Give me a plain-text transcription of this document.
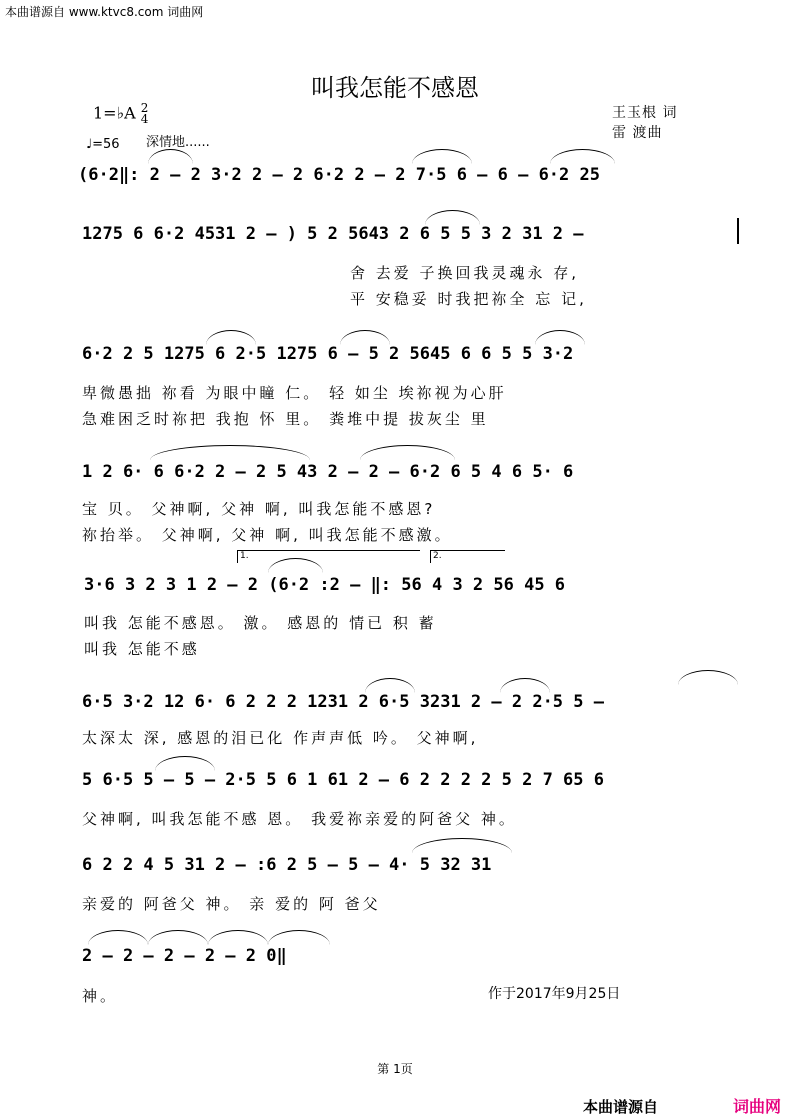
本曲谱源自 www.ktvc8.com 词曲网
叫我怎能不感恩
王玉根 词
雷 渡曲
1=♭A 2
4
♩=56 深情地......
(6·2‖: 2 – 2 3·2 2 – 2 6·2 2 – 2 7·5 6 – 6 – 6·2 25
1275 6 6·2 4531 2 – ) 5 2 5643 2 6 5 5 3 2 31 2 –
舍 去爱 子换回我灵魂永 存,
平 安稳妥 时我把祢全 忘 记,
6·2 2 5 1275 6 2·5 1275 6 – 5 2 5645 6 6 5 5 3·2
卑微愚拙 祢看 为眼中瞳 仁。 轻 如尘 埃祢视为心肝
急难困乏时祢把 我抱 怀 里。 粪堆中提 拔灰尘 里
1 2 6· 6 6·2 2 – 2 5 43 2 – 2 – 6·2 6 5 4 6 5· 6
宝 贝。 父神啊, 父神 啊, 叫我怎能不感恩?
祢抬举。 父神啊, 父神 啊, 叫我怎能不感激。
1.	2.
3·6 3 2 3 1 2 – 2 (6·2 :2 – ‖: 56 4 3 2 56 45 6
叫我 怎能不感恩。 激。 感恩的 情已 积 蓄
叫我 怎能不感
6·5 3·2 12 6· 6 2 2 2 1231 2 6·5 3231 2 – 2 2·5 5 –
太深太 深, 感恩的泪已化 作声声低 吟。 父神啊,
5 6·5 5 – 5 – 2·5 5 6 1 61 2 – 6 2 2 2 2 5 2 7 65 6
父神啊, 叫我怎能不感 恩。 我爱祢亲爱的阿爸父 神。
6 2 2 4 5 31 2 – :6 2 5 – 5 – 4· 5 32 31
亲爱的 阿爸父 神。 亲 爱的 阿 爸父
2 – 2 – 2 – 2 – 2 0‖
神。	作于2017年9月25日
第 1页
本曲谱源自	词曲网
